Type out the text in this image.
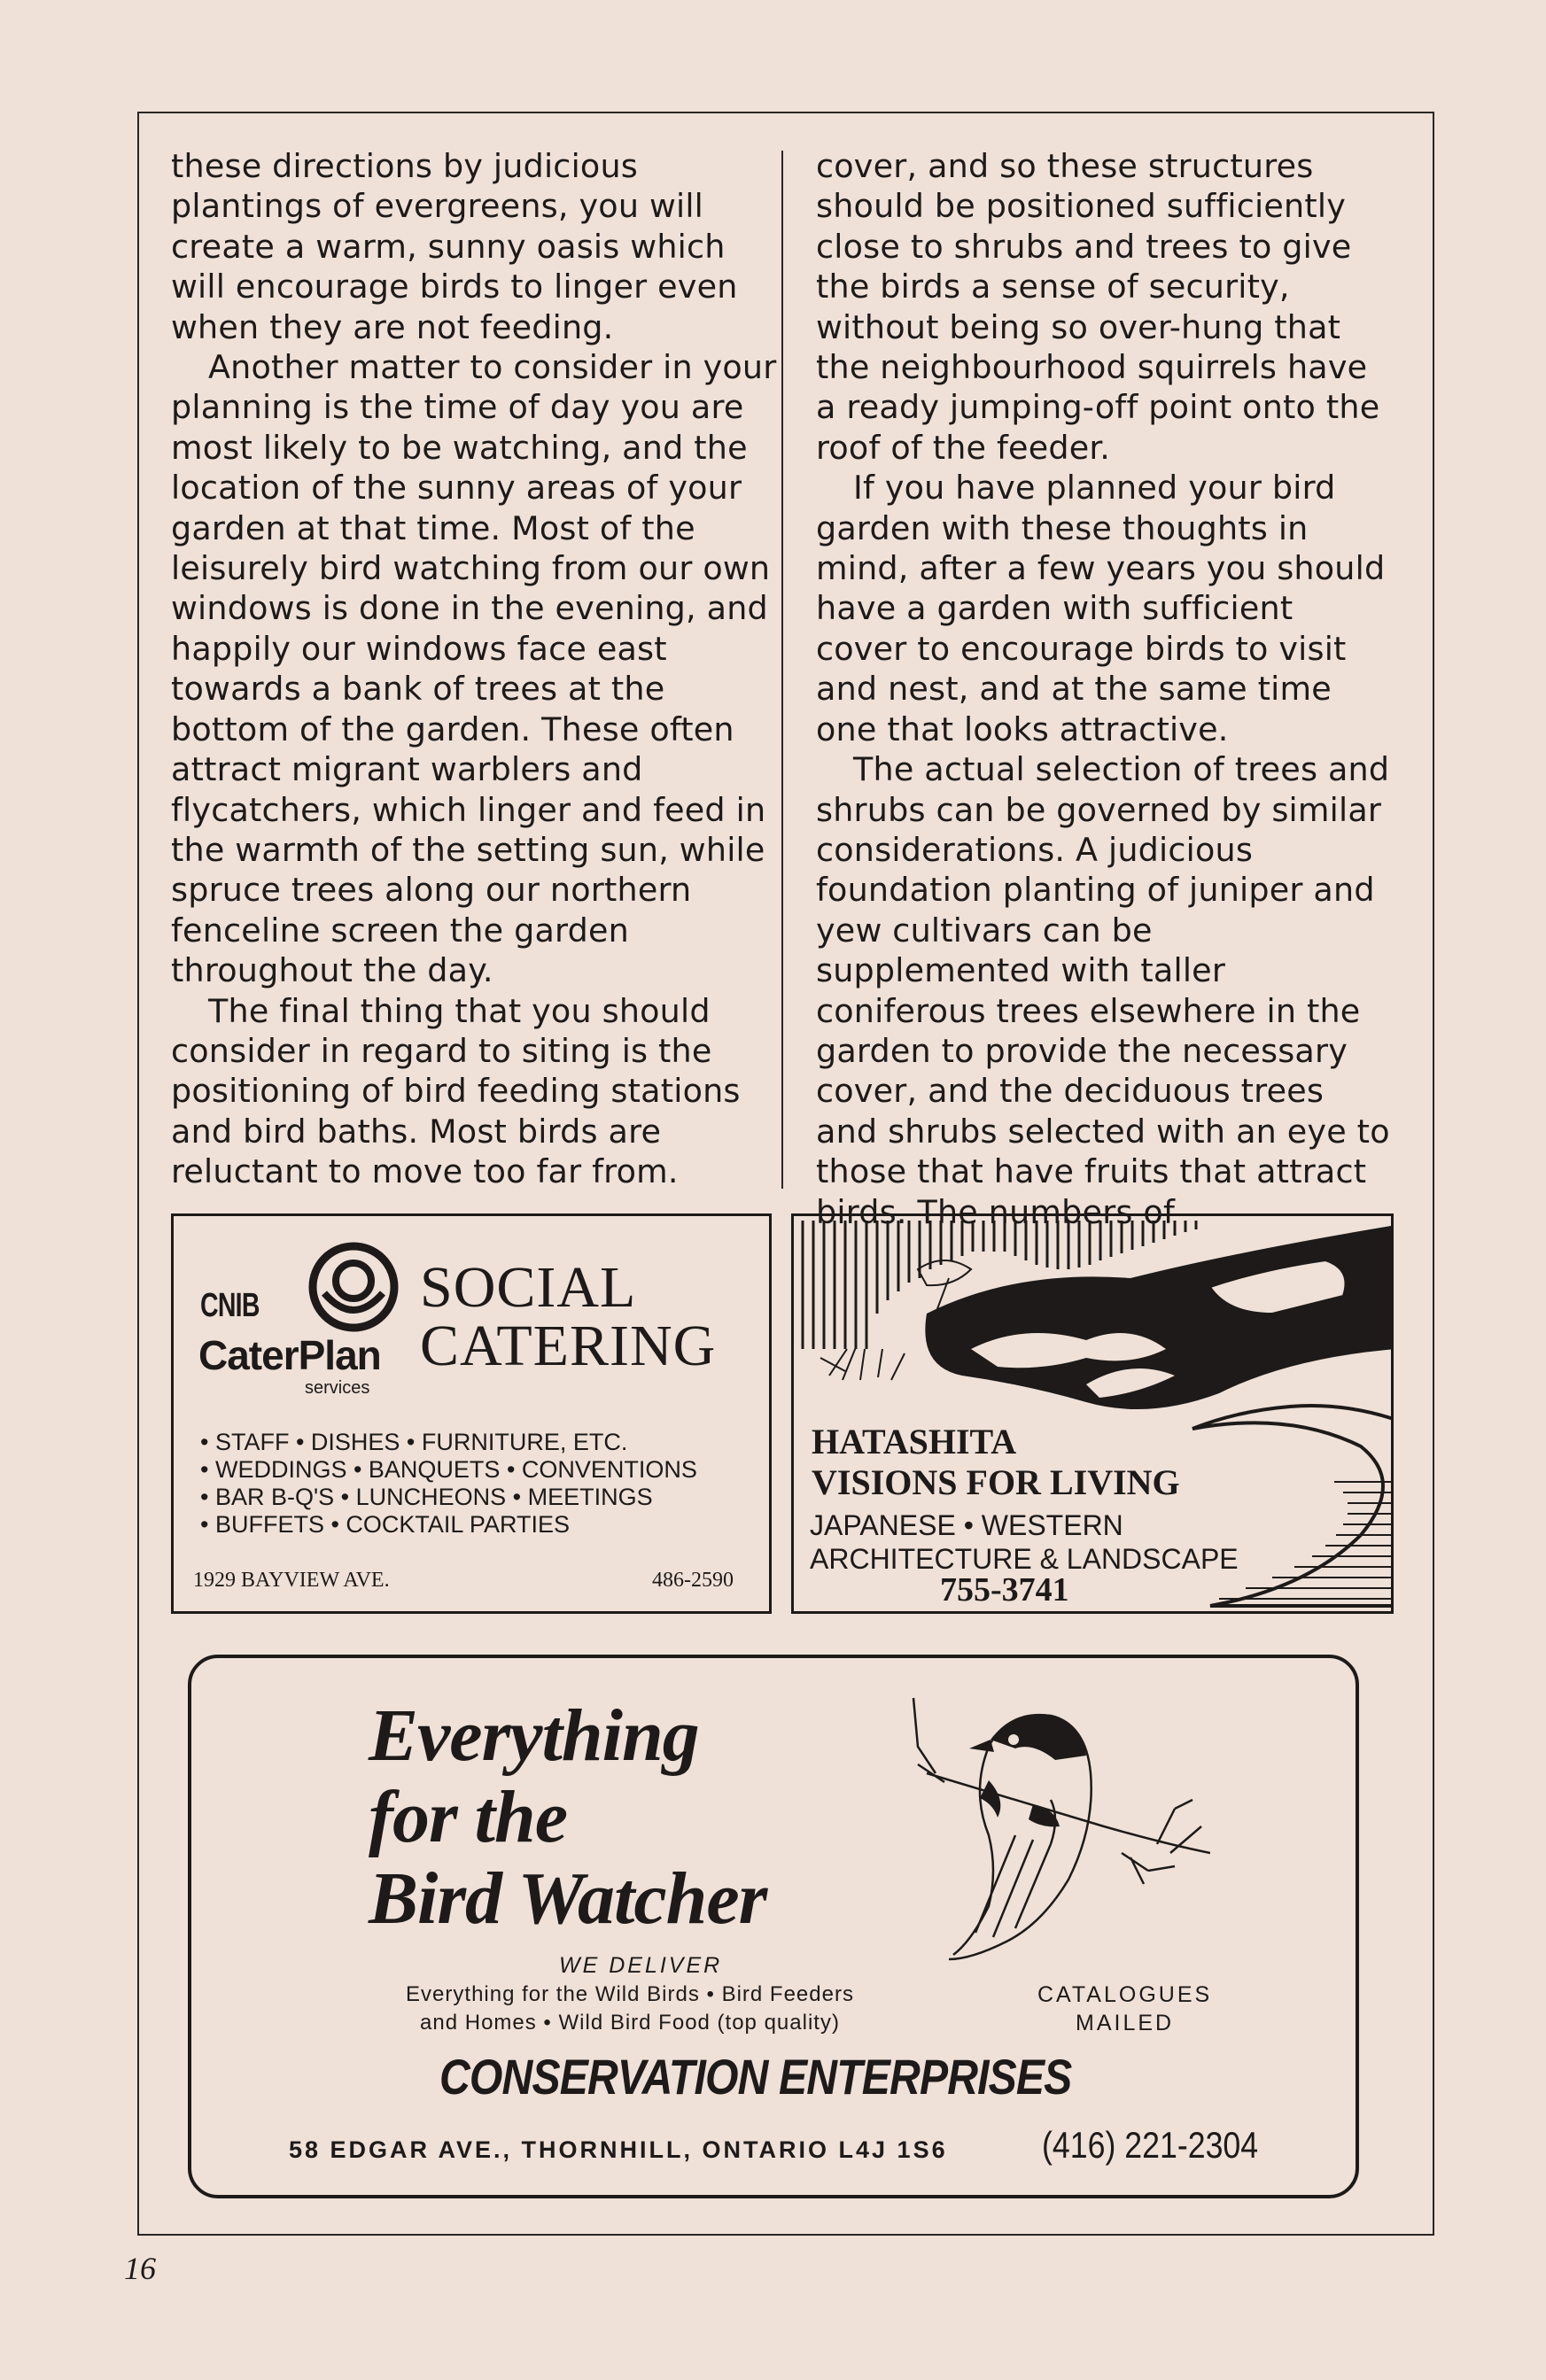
these directions by judicious plantings of evergreens, you will create a warm, sunny oasis which will encourage birds to linger even when they are not feeding.

Another matter to consider in your planning is the time of day you are most likely to be watching, and the location of the sunny areas of your garden at that time. Most of the leisurely bird watching from our own windows is done in the evening, and happily our windows face east towards a bank of trees at the bottom of the garden. These often attract migrant warblers and flycatchers, which linger and feed in the warmth of the setting sun, while spruce trees along our northern fenceline screen the garden throughout the day.

The final thing that you should consider in regard to siting is the positioning of bird feeding stations and bird baths. Most birds are reluctant to move too far from.

cover, and so these structures should be positioned sufficiently close to shrubs and trees to give the birds a sense of security, without being so over-hung that the neighbourhood squirrels have a ready jumping-off point onto the roof of the feeder.

If you have planned your bird garden with these thoughts in mind, after a few years you should have a garden with sufficient cover to encourage birds to visit and nest, and at the same time one that looks attractive.

The actual selection of trees and shrubs can be governed by similar considerations. A judicious foundation planting of juniper and yew cultivars can be supplemented with taller coniferous trees elsewhere in the garden to provide the necessary cover, and the deciduous trees and shrubs selected with an eye to those that have fruits that attract birds. The numbers of

CNIB
CaterPlan
services
SOCIAL
CATERING
• STAFF • DISHES • FURNITURE, ETC.
• WEDDINGS • BANQUETS • CONVENTIONS
• BAR B-Q'S • LUNCHEONS • MEETINGS
• BUFFETS • COCKTAIL PARTIES
1929 BAYVIEW AVE.	486-2590
HATASHITA
VISIONS FOR LIVING
JAPANESE • WESTERN
ARCHITECTURE & LANDSCAPE
755-3741
Everything
for the
Bird Watcher
WE DELIVER
Everything for the Wild Birds • Bird Feeders
and Homes • Wild Bird Food (top quality)
CATALOGUES
MAILED
CONSERVATION ENTERPRISES
58 EDGAR AVE., THORNHILL, ONTARIO L4J 1S6	(416) 221-2304
16
